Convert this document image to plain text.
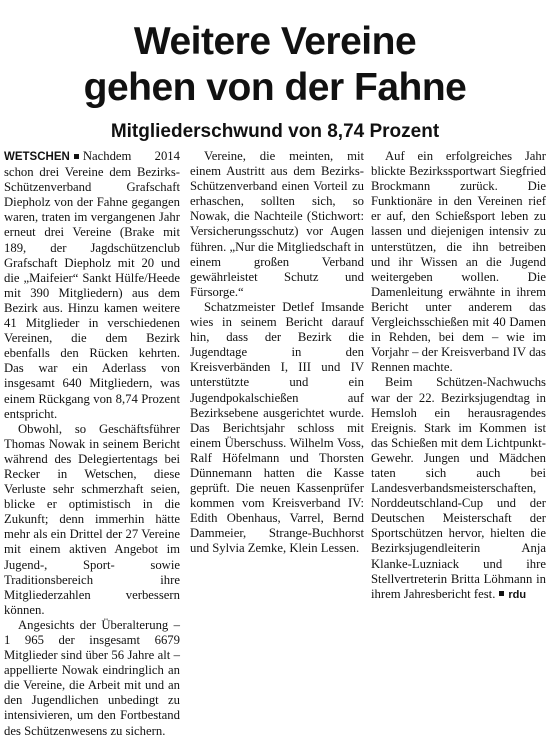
Weitere Vereine
gehen von der Fahne
Mitgliederschwund von 8,74 Prozent

WETSCHEN Nachdem 2014 schon drei Vereine dem Bezirks-Schützenverband Grafschaft Diepholz von der Fahne gegangen waren, traten im vergangenen Jahr erneut drei Vereine (Brake mit 189, der Jagdschützenclub Grafschaft Diepholz mit 20 und die „Maifeier“ Sankt Hülfe/Heede mit 390 Mitgliedern) aus dem Bezirk aus. Hinzu kamen weitere 41 Mitglieder in verschiedenen Vereinen, die dem Bezirk ebenfalls den Rücken kehrten. Das war ein Aderlass von insgesamt 640 Mitgliedern, was einem Rückgang von 8,74 Prozent entspricht.

Obwohl, so Geschäftsführer Thomas Nowak in seinem Bericht während des Delegiertentags bei Recker in Wetschen, diese Verluste sehr schmerzhaft seien, blicke er optimistisch in die Zukunft; denn immerhin hätte mehr als ein Drittel der 27 Vereine mit einem aktiven Angebot im Jugend-, Sport- sowie Traditionsbereich ihre Mitgliederzahlen verbessern können.

Angesichts der Überalterung – 1 965 der insgesamt 6679 Mitglieder sind über 56 Jahre alt – appellierte Nowak eindringlich an die Vereine, die Arbeit mit und an den Jugendlichen unbedingt zu intensivieren, um den Fortbestand des Schützenwesens zu sichern.

Vereine, die meinten, mit einem Austritt aus dem Bezirks-Schützenverband einen Vorteil zu erhaschen, sollten sich, so Nowak, die Nachteile (Stichwort: Versicherungsschutz) vor Augen führen. „Nur die Mitgliedschaft in einem großen Verband gewährleistet Schutz und Fürsorge.“

Schatzmeister Detlef Imsande wies in seinem Bericht darauf hin, dass der Bezirk die Jugendtage in den Kreisverbänden I, III und IV unterstützte und ein Jugendpokalschießen auf Bezirksebene ausgerichtet wurde. Das Berichtsjahr schloss mit einem Überschuss. Wilhelm Voss, Ralf Höfelmann und Thorsten Dünnemann hatten die Kasse geprüft. Die neuen Kassenprüfer kommen vom Kreisverband IV: Edith Obenhaus, Varrel, Bernd Dammeier, Strange-Buchhorst und Sylvia Zemke, Klein Lessen.

Auf ein erfolgreiches Jahr blickte Bezirkssportwart Siegfried Brockmann zurück. Die Funktionäre in den Vereinen rief er auf, den Schießsport leben zu lassen und diejenigen intensiv zu unterstützen, die ihn betreiben und ihr Wissen an die Jugend weitergeben wollen. Die Damenleitung erwähnte in ihrem Bericht unter anderem das Vergleichsschießen mit 40 Damen in Rehden, bei dem – wie im Vorjahr – der Kreisverband IV das Rennen machte.

Beim Schützen-Nachwuchs war der 22. Bezirksjugendtag in Hemsloh ein herausragendes Ereignis. Stark im Kommen ist das Schießen mit dem Lichtpunkt-Gewehr. Jungen und Mädchen taten sich auch bei Landesverbandsmeisterschaften, Norddeutschland-Cup und der Deutschen Meisterschaft der Sportschützen hervor, hielten die Bezirksjugendleiterin Anja Klanke-Luzniack und ihre Stellvertreterin Britta Löhmann in ihrem Jahresbericht fest. rdu
